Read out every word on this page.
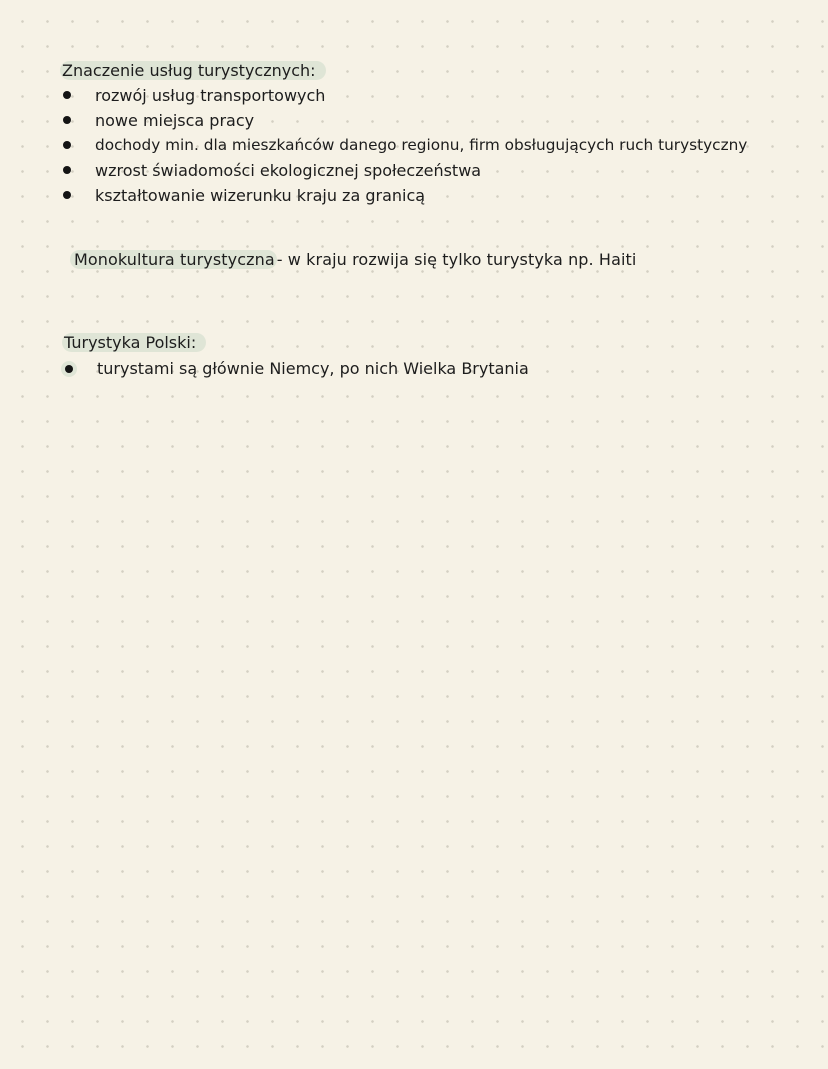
Znaczenie usług turystycznych:
rozwój usług transportowych
nowe miejsca pracy
dochody min. dla mieszkańców danego regionu, firm obsługujących ruch turystyczny
wzrost świadomości ekologicznej społeczeństwa
kształtowanie wizerunku kraju za granicą
Monokultura turystyczna - w kraju rozwija się tylko turystyka np. Haiti
Turystyka Polski:
turystami są głównie Niemcy, po nich Wielka Brytania
